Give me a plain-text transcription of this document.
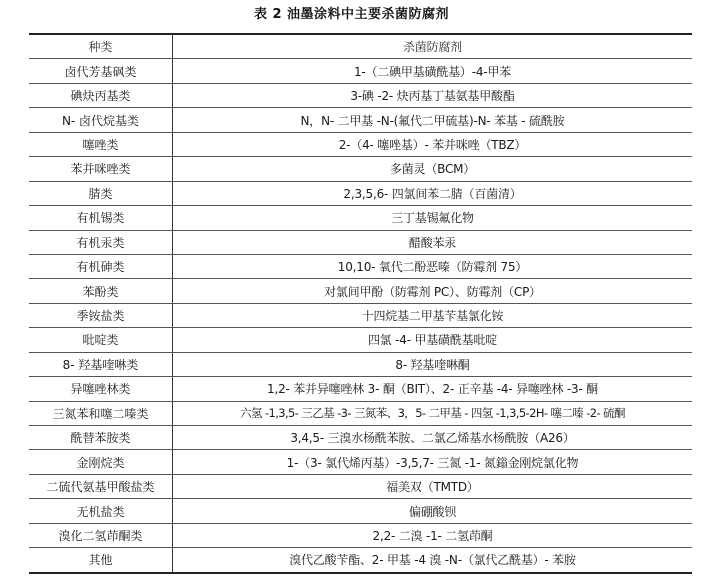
表 2 油墨涂料中主要杀菌防腐剂
种类	杀菌防腐剂
卤代芳基砜类	1-（二碘甲基磺酰基）-4-甲苯
碘炔丙基类	3-碘 -2- 炔丙基丁基氨基甲酸酯
N- 卤代烷基类	N，N- 二甲基 -N-(氟代二甲硫基)-N- 苯基 - 硫酰胺
噻唑类	2-（4- 噻唑基）- 苯并咪唑（TBZ）
苯并咪唑类	多菌灵（BCM）
腈类	2,3,5,6- 四氯间苯二腈（百菌清）
有机锡类	三丁基锡氟化物
有机汞类	醋酸苯汞
有机砷类	10,10- 氧代二酚恶嗪（防霉剂 75）
苯酚类	对氯间甲酚（防霉剂 PC）、防霉剂（CP）
季铵盐类	十四烷基二甲基苄基氯化铵
吡啶类	四氯 -4- 甲基磺酰基吡啶
8- 羟基喹啉类	8- 羟基喹啉酮
异噻唑林类	1,2- 苯并异噻唑林 3- 酮（BIT）、2- 正辛基 -4- 异噻唑林 -3- 酮
三氮苯和噻二嗪类	六氢 -1,3,5- 三乙基 -3- 三氮苯、3，5- 二甲基 - 四氢 -1,3,5-2H- 噻二嗪 -2- 硫酮
酰替苯胺类	3,4,5- 三溴水杨酰苯胺、二氯乙烯基水杨酰胺（A26）
金刚烷类	1-（3- 氯代烯丙基）-3,5,7- 三氮 -1- 氮鎓金刚烷氯化物
二硫代氨基甲酸盐类	福美双（TMTD）
无机盐类	偏硼酸钡
溴化二氢茚酮类	2,2- 二溴 -1- 二氢茚酮
其他	溴代乙酸苄酯、2- 甲基 -4 溴 -N-（氯代乙酰基）- 苯胺
